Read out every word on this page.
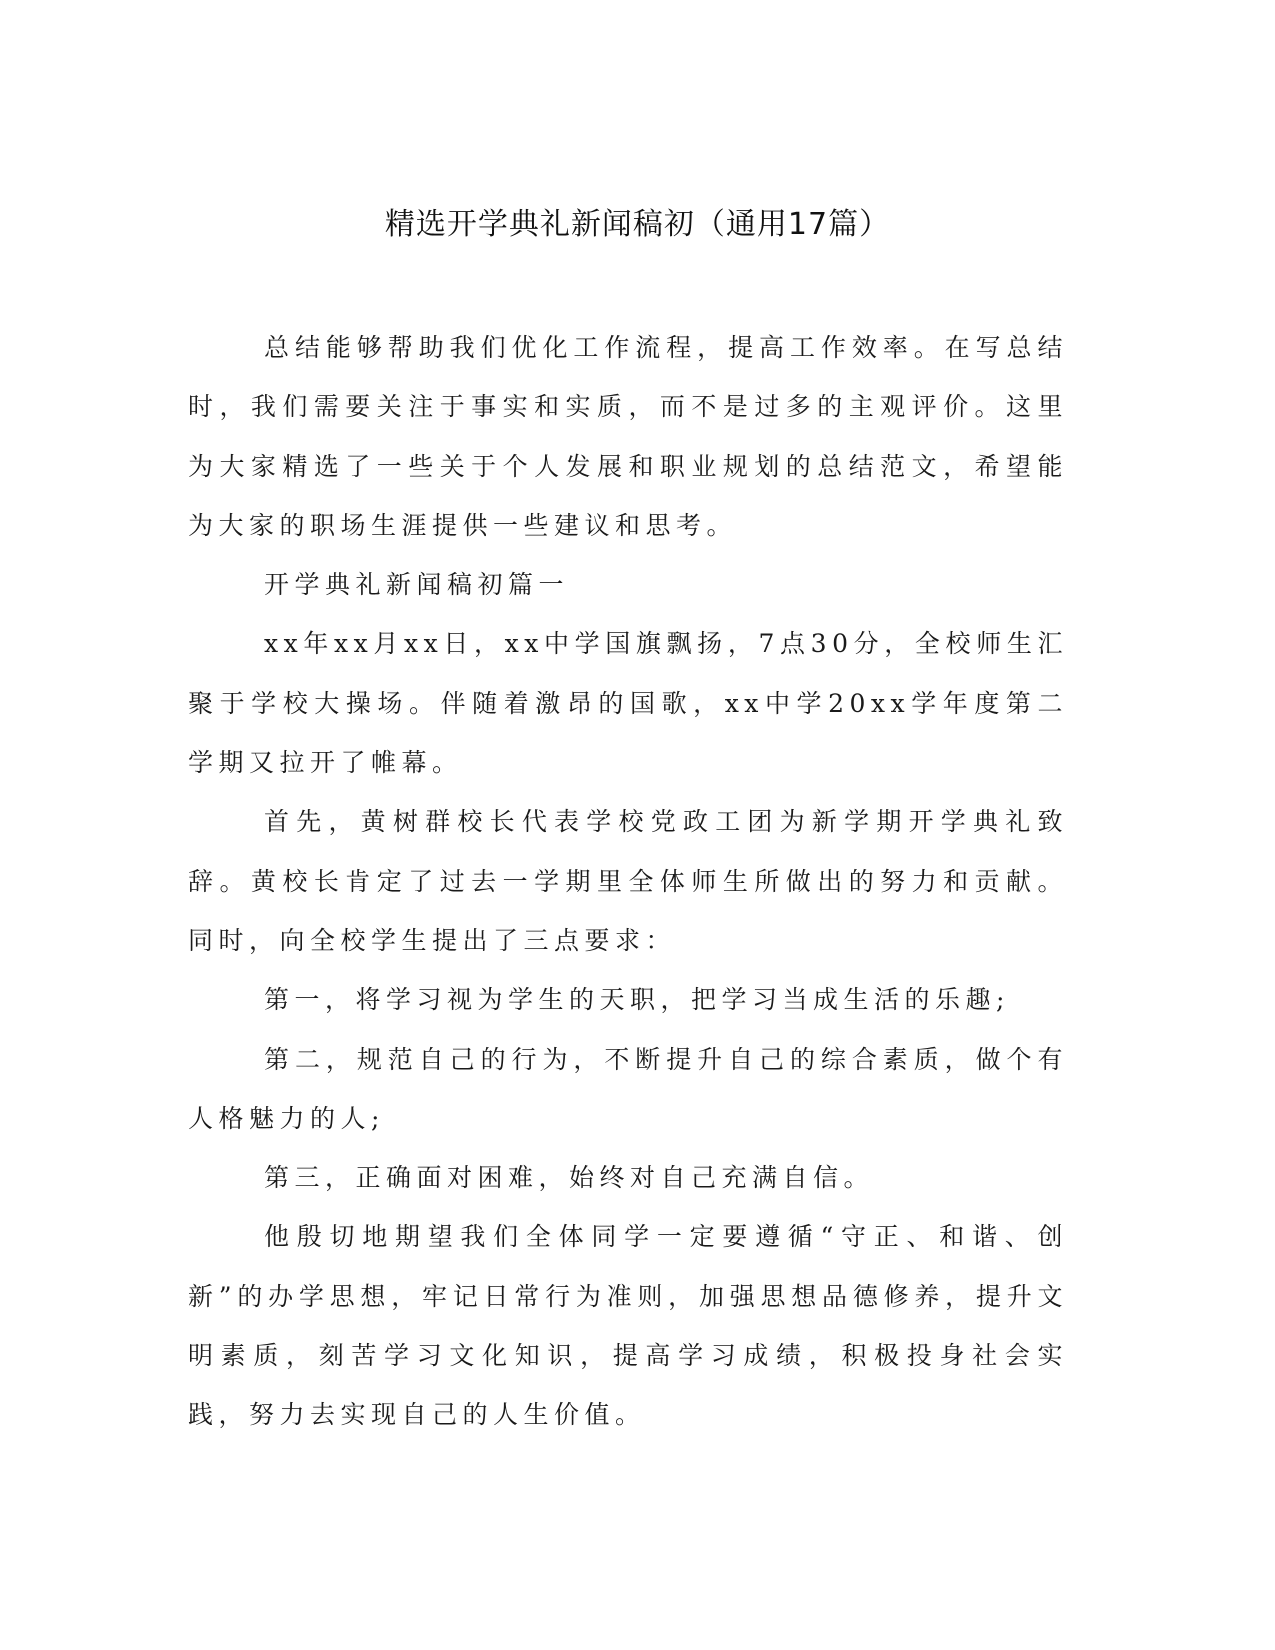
精选开学典礼新闻稿初（通用17篇）

总结能够帮助我们优化工作流程，提高工作效率。在写总结时，我们需要关注于事实和实质，而不是过多的主观评价。这里为大家精选了一些关于个人发展和职业规划的总结范文，希望能为大家的职场生涯提供一些建议和思考。

开学典礼新闻稿初篇一

xx年xx月xx日，xx中学国旗飘扬，7点30分，全校师生汇聚于学校大操场。伴随着激昂的国歌，xx中学20xx学年度第二学期又拉开了帷幕。

首先，黄树群校长代表学校党政工团为新学期开学典礼致辞。黄校长肯定了过去一学期里全体师生所做出的努力和贡献。同时，向全校学生提出了三点要求：

第一，将学习视为学生的天职，把学习当成生活的乐趣;

第二，规范自己的行为，不断提升自己的综合素质，做个有人格魅力的人;

第三，正确面对困难，始终对自己充满自信。

他殷切地期望我们全体同学一定要遵循“守正、和谐、创新”的办学思想，牢记日常行为准则，加强思想品德修养，提升文明素质，刻苦学习文化知识，提高学习成绩，积极投身社会实践，努力去实现自己的人生价值。
